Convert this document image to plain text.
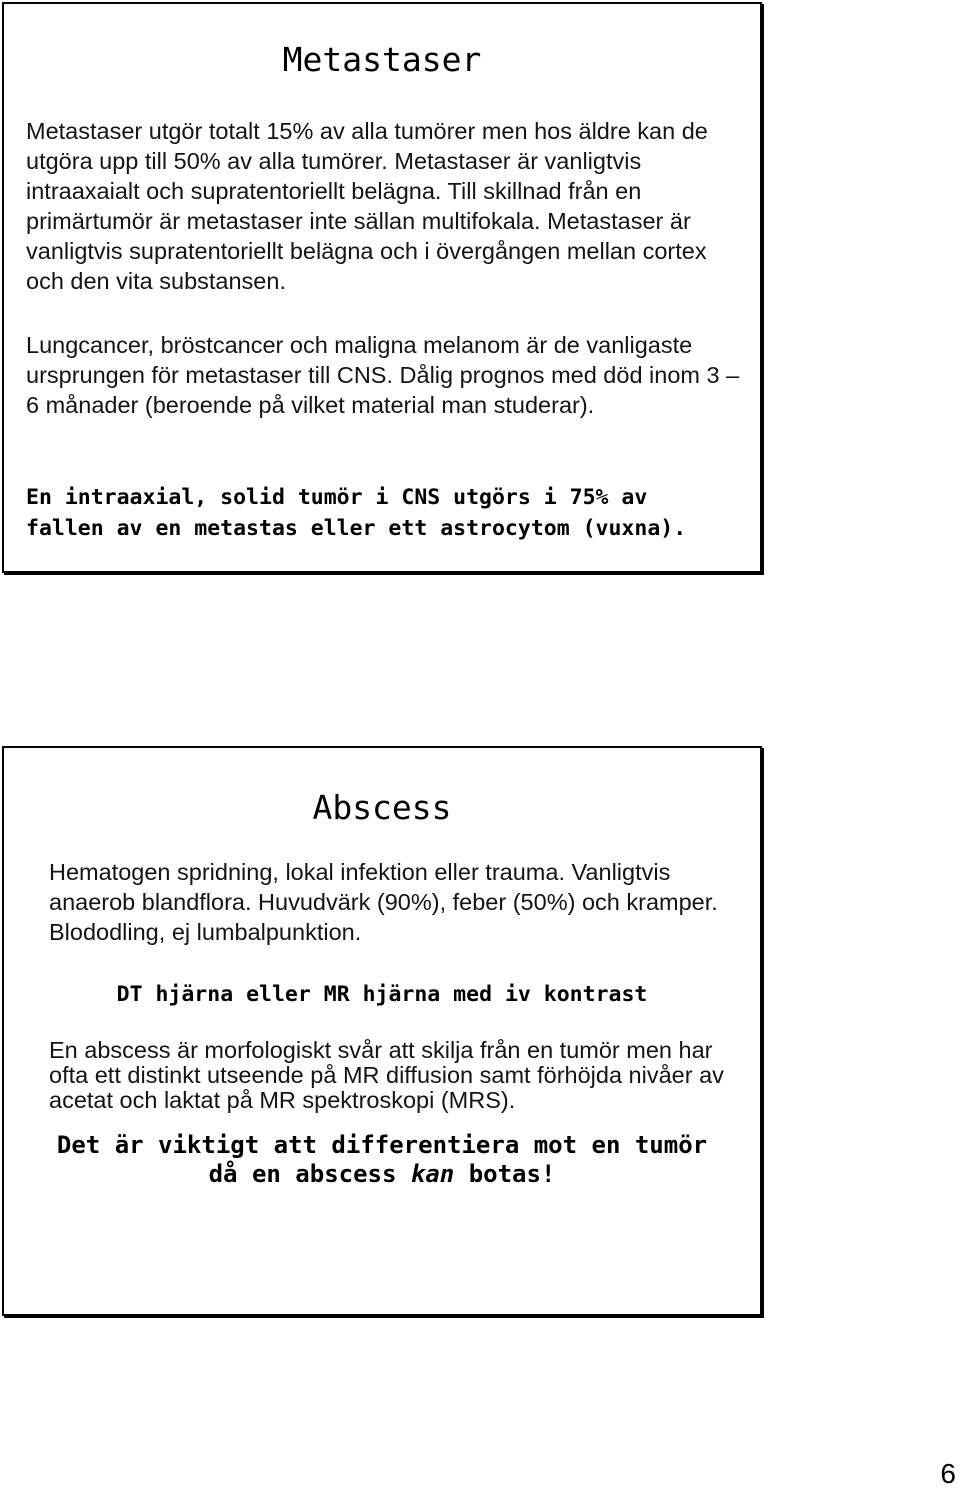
Metastaser

Metastaser utgör totalt 15% av alla tumörer men hos äldre kan de utgöra upp till 50% av alla tumörer. Metastaser är vanligtvis intraaxaialt och supratentoriellt belägna. Till skillnad från en primärtumör är metastaser inte sällan multifokala. Metastaser är vanligtvis supratentoriellt belägna och i övergången mellan cortex och den vita substansen.

Lungcancer, bröstcancer och maligna melanom är de vanligaste ursprungen för metastaser till CNS. Dålig prognos med död inom 3 – 6 månader (beroende på vilket material man studerar).

En intraaxial, solid tumör i CNS utgörs i 75% av fallen av en metastas eller ett astrocytom (vuxna).

Abscess

Hematogen spridning, lokal infektion eller trauma. Vanligtvis anaerob blandflora. Huvudvärk (90%), feber (50%) och kramper. Blododling, ej lumbalpunktion.

DT hjärna eller MR hjärna med iv kontrast

En abscess är morfologiskt svår att skilja från en tumör men har ofta ett distinkt utseende på MR diffusion samt förhöjda nivåer av acetat och laktat på MR spektroskopi (MRS).

Det är viktigt att differentiera mot en tumör
då en abscess kan botas!
6
